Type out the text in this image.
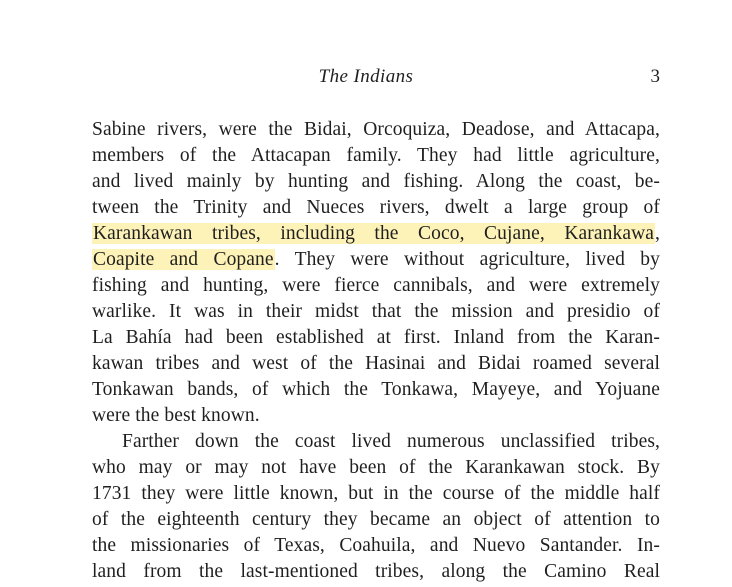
The Indians	3
Sabine rivers, were the Bidai, Orcoquiza, Deadose, and Attacapa,
members of the Attacapan family. They had little agriculture,
and lived mainly by hunting and fishing. Along the coast, be-
tween the Trinity and Nueces rivers, dwelt a large group of
Karankawan tribes, including the Coco, Cujane, Karankawa,
Coapite and Copane. They were without agriculture, lived by
fishing and hunting, were fierce cannibals, and were extremely
warlike. It was in their midst that the mission and presidio of
La Bahía had been established at first. Inland from the Karan-
kawan tribes and west of the Hasinai and Bidai roamed several
Tonkawan bands, of which the Tonkawa, Mayeye, and Yojuane
were the best known.
Farther down the coast lived numerous unclassified tribes,
who may or may not have been of the Karankawan stock. By
1731 they were little known, but in the course of the middle half
of the eighteenth century they became an object of attention to
the missionaries of Texas, Coahuila, and Nuevo Santander. In-
land from the last-mentioned tribes, along the Camino Real
